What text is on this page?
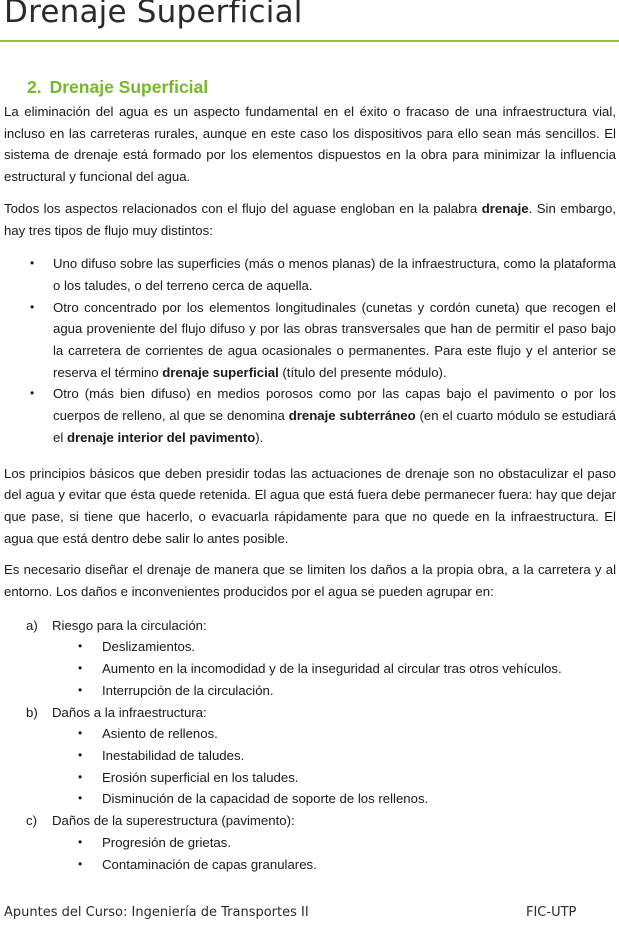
Drenaje Superficial
2. Drenaje Superficial

La eliminación del agua es un aspecto fundamental en el éxito o fracaso de una infraestructura vial, incluso en las carreteras rurales, aunque en este caso los dispositivos para ello sean más sencillos. El sistema de drenaje está formado por los elementos dispuestos en la obra para minimizar la influencia estructural y funcional del agua.

Todos los aspectos relacionados con el flujo del aguase engloban en la palabra drenaje. Sin embargo, hay tres tipos de flujo muy distintos:

• Uno difuso sobre las superficies (más o menos planas) de la infraestructura, como la plataforma o los taludes, o del terreno cerca de aquella.
• Otro concentrado por los elementos longitudinales (cunetas y cordón cuneta) que recogen el agua proveniente del flujo difuso y por las obras transversales que han de permitir el paso bajo la carretera de corrientes de agua ocasionales o permanentes. Para este flujo y el anterior se reserva el término drenaje superficial (título del presente módulo).
• Otro (más bien difuso) en medios porosos como por las capas bajo el pavimento o por los cuerpos de relleno, al que se denomina drenaje subterráneo (en el cuarto módulo se estudiará el drenaje interior del pavimento).

Los principios básicos que deben presidir todas las actuaciones de drenaje son no obstaculizar el paso del agua y evitar que ésta quede retenida. El agua que está fuera debe permanecer fuera: hay que dejar que pase, si tiene que hacerlo, o evacuarla rápidamente para que no quede en la infraestructura. El agua que está dentro debe salir lo antes posible.

Es necesario diseñar el drenaje de manera que se limiten los daños a la propia obra, a la carretera y al entorno. Los daños e inconvenientes producidos por el agua se pueden agrupar en:

a) Riesgo para la circulación:
• Deslizamientos.
• Aumento en la incomodidad y de la inseguridad al circular tras otros vehículos.
• Interrupción de la circulación.
b) Daños a la infraestructura:
• Asiento de rellenos.
• Inestabilidad de taludes.
• Erosión superficial en los taludes.
• Disminución de la capacidad de soporte de los rellenos.
c) Daños de la superestructura (pavimento):
• Progresión de grietas.
• Contaminación de capas granulares.
Apuntes del Curso: Ingeniería de Transportes II	FIC-UTP
